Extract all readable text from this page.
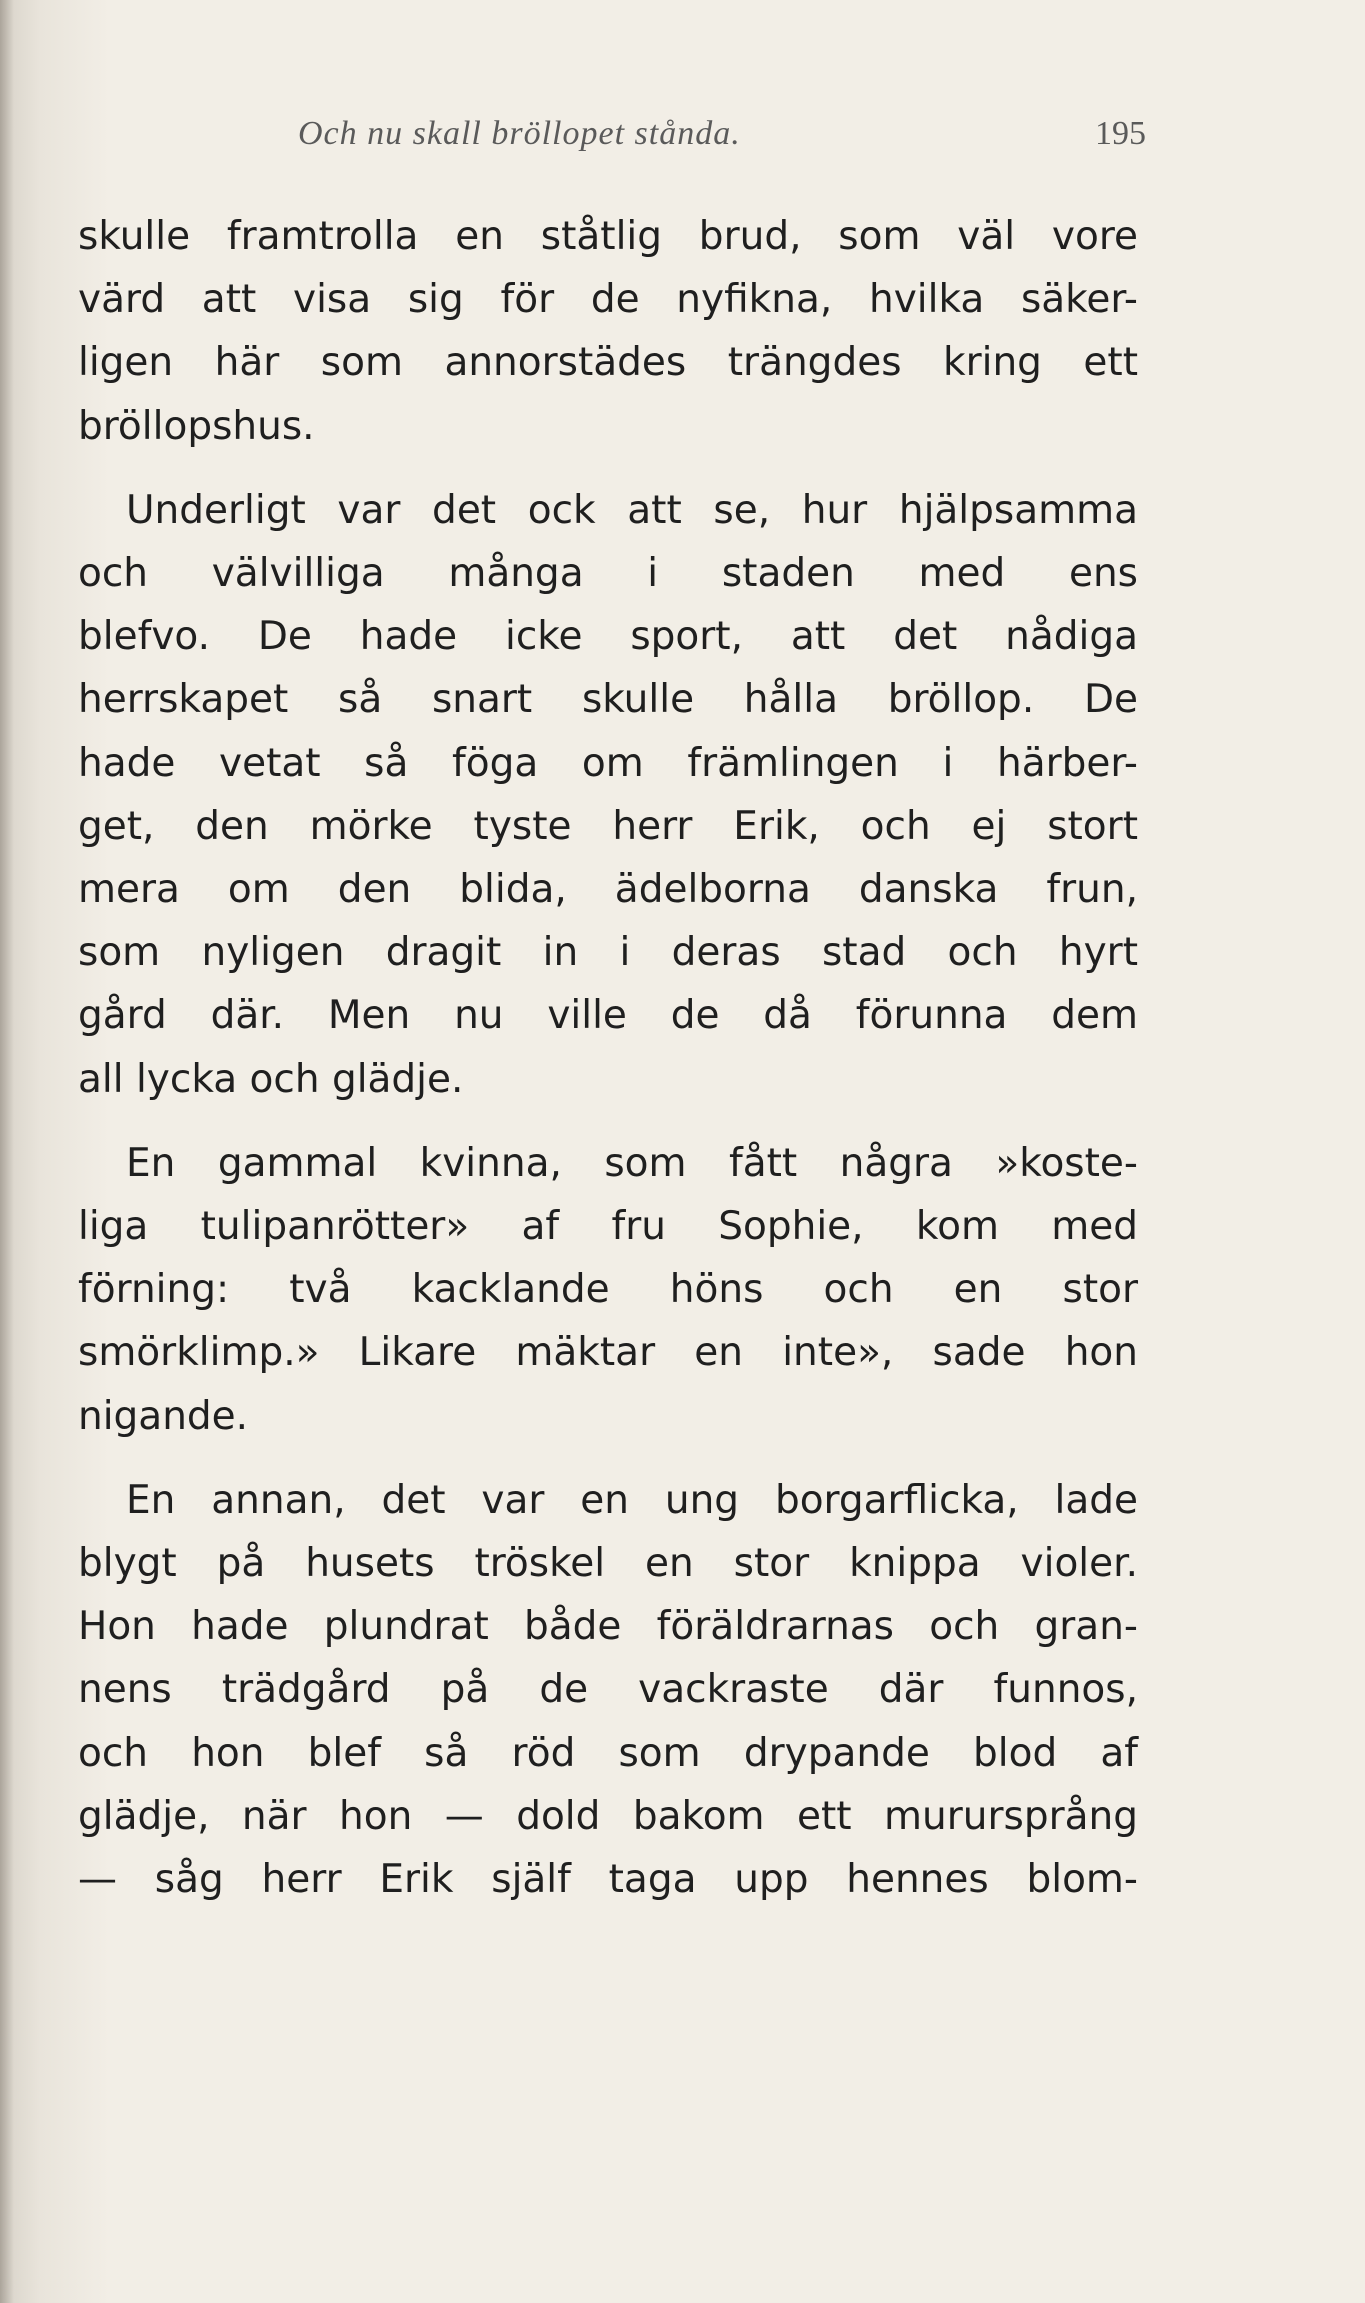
Och nu skall bröllopet stånda.	195
skulle framtrolla en ståtlig brud, som väl vore
värd att visa sig för de nyfikna, hvilka säker-
ligen här som annorstädes trängdes kring ett
bröllopshus.
Underligt var det ock att se, hur hjälpsamma
och välvilliga många i staden med ens
blefvo. De hade icke sport, att det nådiga
herrskapet så snart skulle hålla bröllop. De
hade vetat så föga om främlingen i härber-
get, den mörke tyste herr Erik, och ej stort
mera om den blida, ädelborna danska frun,
som nyligen dragit in i deras stad och hyrt
gård där. Men nu ville de då förunna dem
all lycka och glädje.
En gammal kvinna, som fått några »koste-
liga tulipanrötter» af fru Sophie, kom med
förning: två kacklande höns och en stor
smörklimp.» Likare mäktar en inte», sade hon
nigande.
En annan, det var en ung borgarflicka, lade
blygt på husets tröskel en stor knippa violer.
Hon hade plundrat både föräldrarnas och gran-
nens trädgård på de vackraste där funnos,
och hon blef så röd som drypande blod af
glädje, när hon — dold bakom ett murursprång
— såg herr Erik själf taga upp hennes blom-
